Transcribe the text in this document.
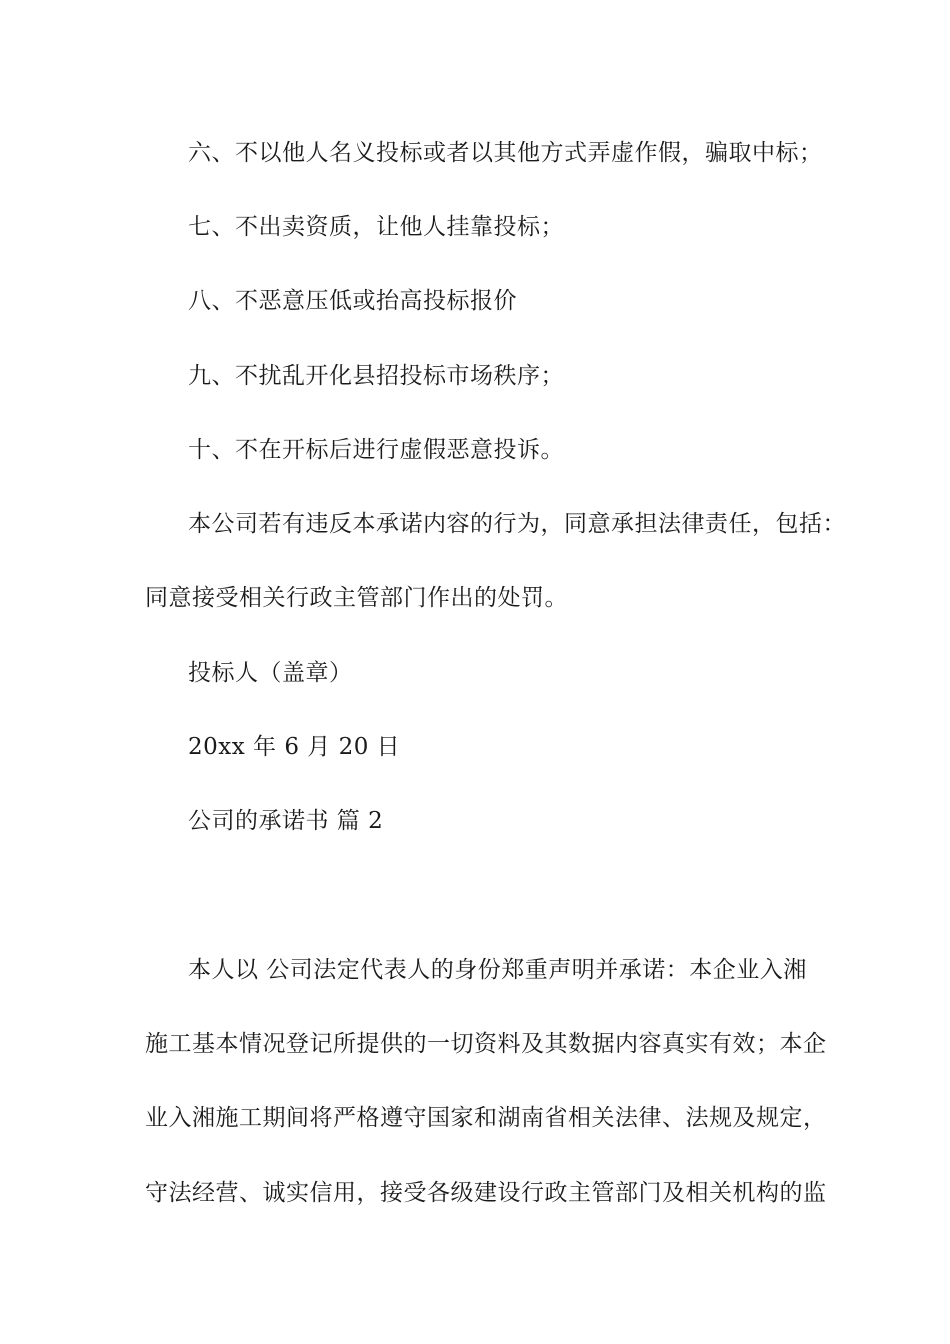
六、不以他人名义投标或者以其他方式弄虚作假，骗取中标；
七、不出卖资质，让他人挂靠投标；
八、不恶意压低或抬高投标报价
九、不扰乱开化县招投标市场秩序；
十、不在开标后进行虚假恶意投诉。
本公司若有违反本承诺内容的行为，同意承担法律责任，包括：
同意接受相关行政主管部门作出的处罚。
投标人（盖章）
20xx 年 6 月 20 日
公司的承诺书 篇 2
本人以 公司法定代表人的身份郑重声明并承诺：本企业入湘
施工基本情况登记所提供的一切资料及其数据内容真实有效；本企
业入湘施工期间将严格遵守国家和湖南省相关法律、法规及规定，
守法经营、诚实信用，接受各级建设行政主管部门及相关机构的监
